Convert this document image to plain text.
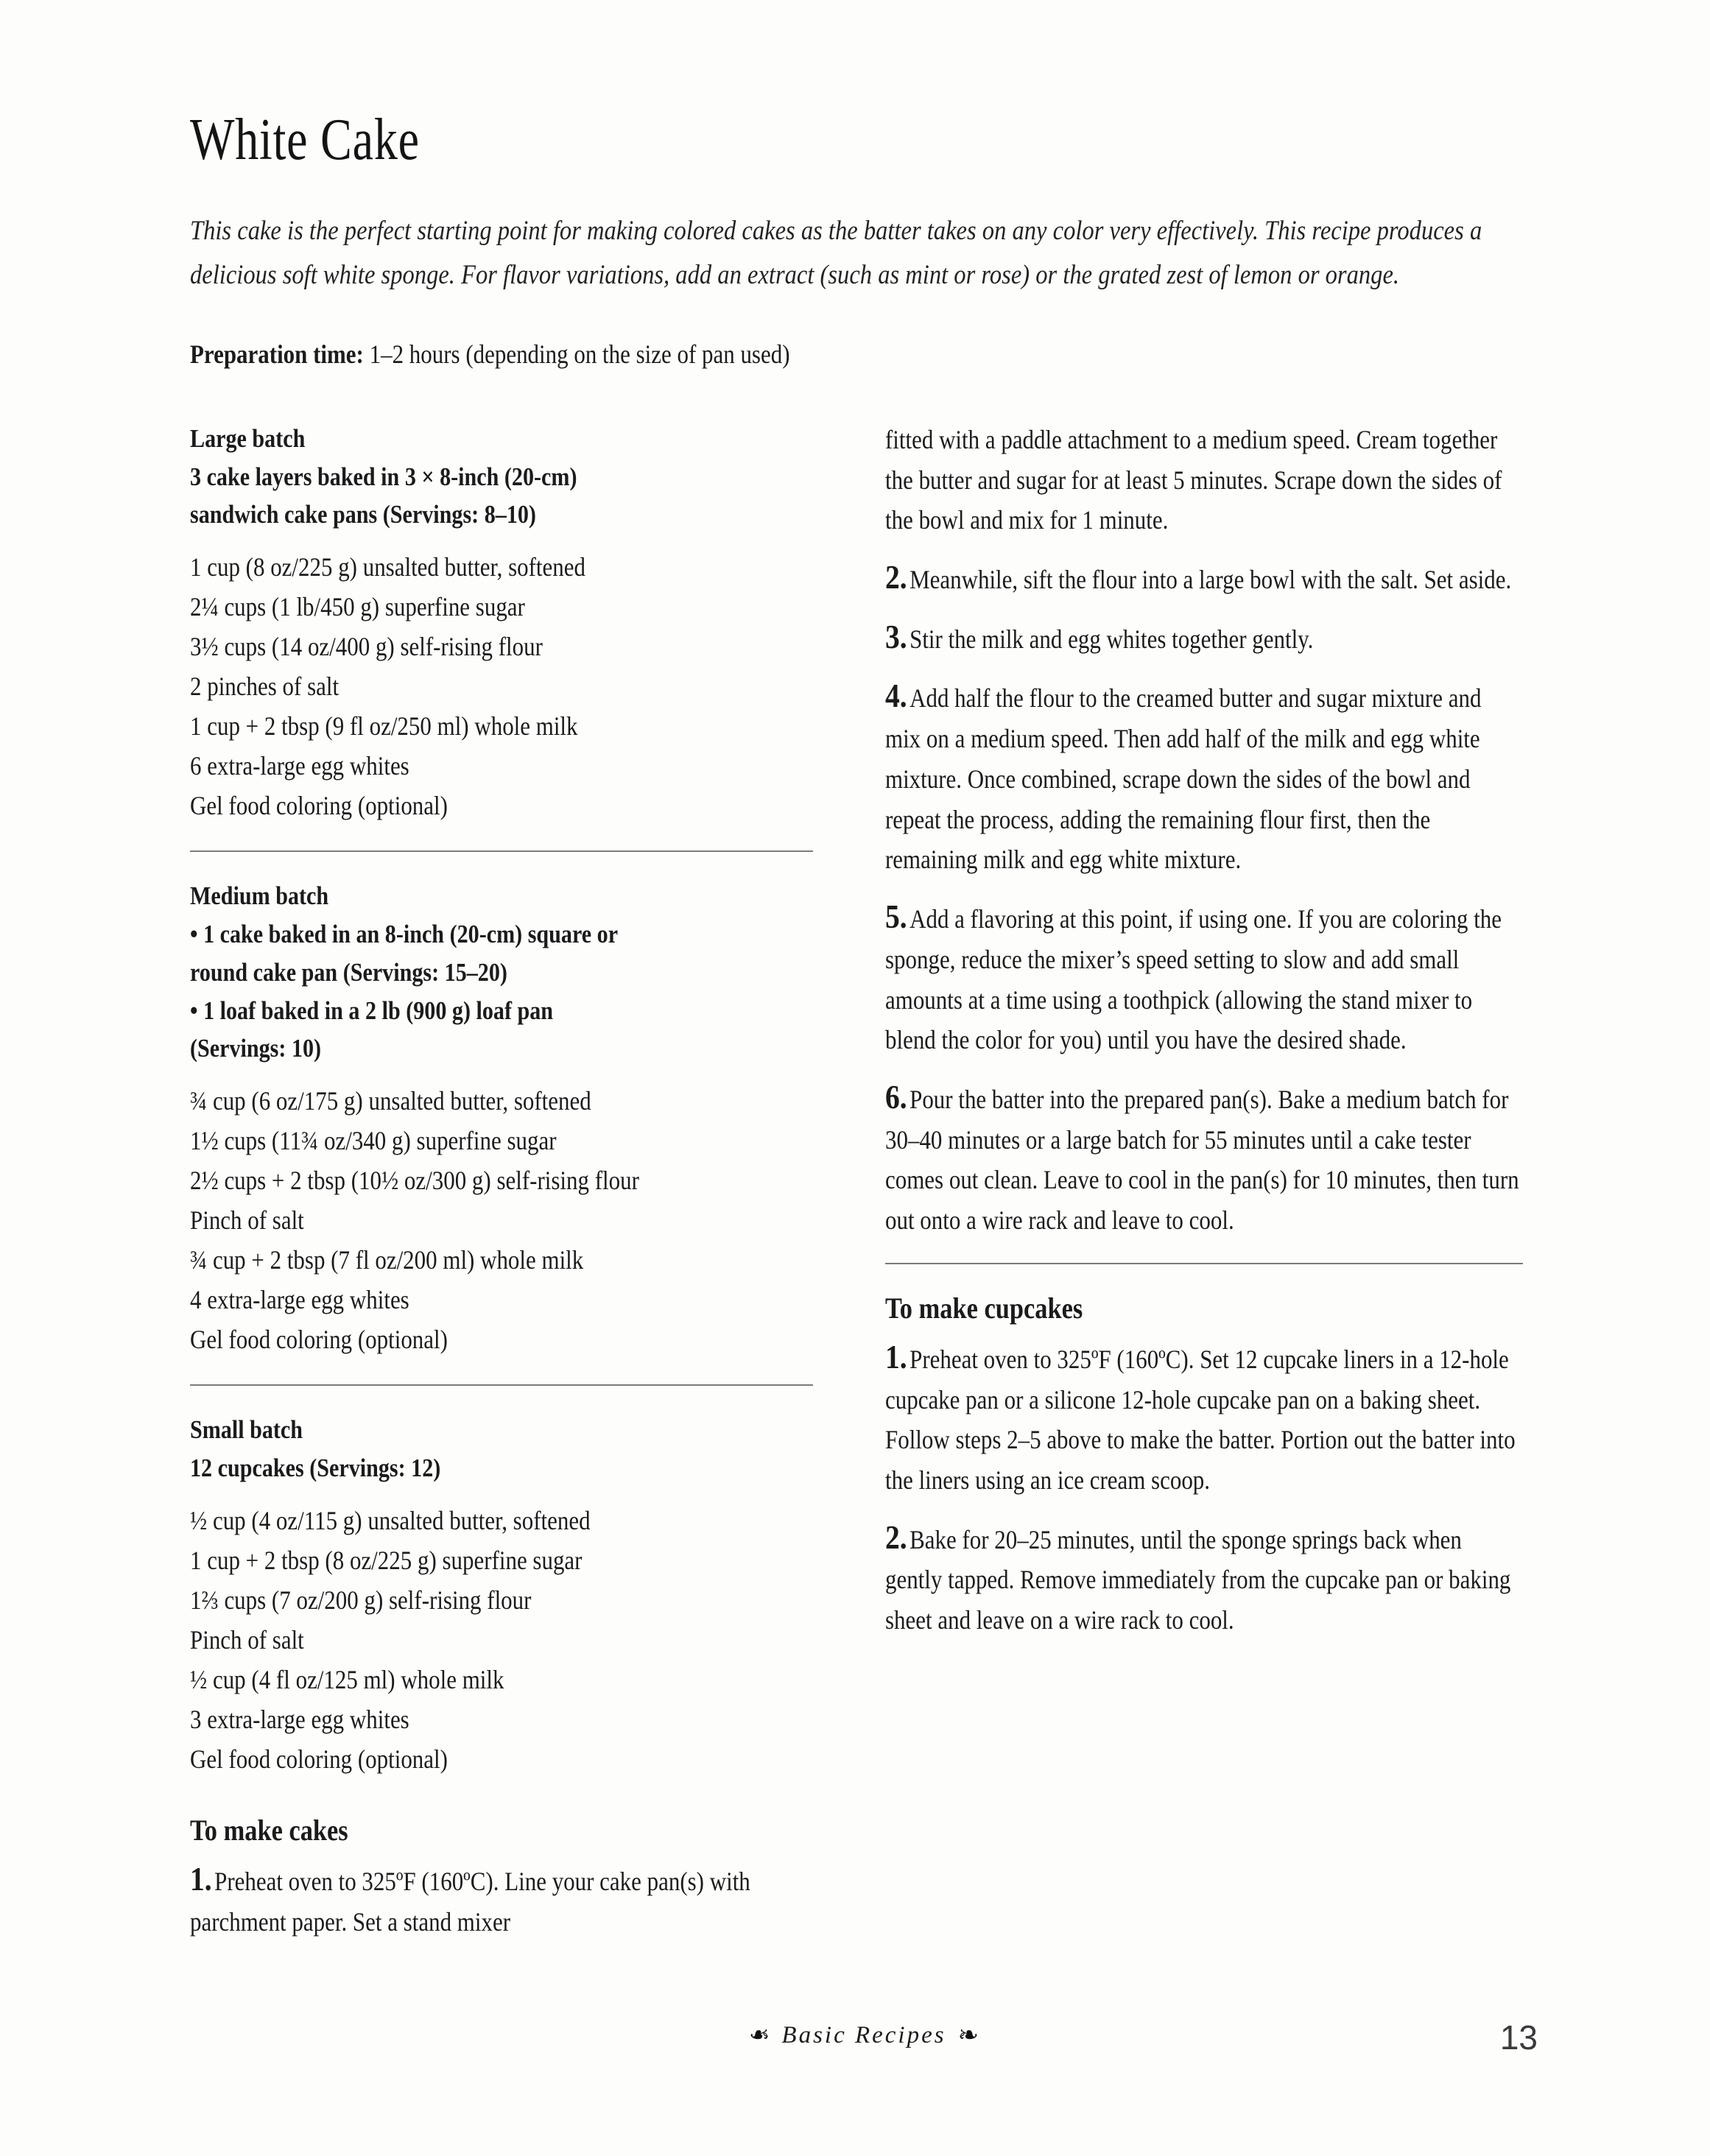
White Cake

This cake is the perfect starting point for making colored cakes as the batter takes on any color very effectively. This recipe produces a delicious soft white sponge. For flavor variations, add an extract (such as mint or rose) or the grated zest of lemon or orange.

Preparation time: 1–2 hours (depending on the size of pan used)

Large batch
3 cake layers baked in 3 × 8-inch (20-cm)
sandwich cake pans (Servings: 8–10)
1 cup (8 oz/225 g) unsalted butter, softened
2¼ cups (1 lb/450 g) superfine sugar
3½ cups (14 oz/400 g) self-rising flour
2 pinches of salt
1 cup + 2 tbsp (9 fl oz/250 ml) whole milk
6 extra-large egg whites
Gel food coloring (optional)
Medium batch
• 1 cake baked in an 8-inch (20-cm) square or
round cake pan (Servings: 15–20)
• 1 loaf baked in a 2 lb (900 g) loaf pan
(Servings: 10)
¾ cup (6 oz/175 g) unsalted butter, softened
1½ cups (11¾ oz/340 g) superfine sugar
2½ cups + 2 tbsp (10½ oz/300 g) self-rising flour
Pinch of salt
¾ cup + 2 tbsp (7 fl oz/200 ml) whole milk
4 extra-large egg whites
Gel food coloring (optional)
Small batch
12 cupcakes (Servings: 12)
½ cup (4 oz/115 g) unsalted butter, softened
1 cup + 2 tbsp (8 oz/225 g) superfine sugar
1⅔ cups (7 oz/200 g) self-rising flour
Pinch of salt
½ cup (4 fl oz/125 ml) whole milk
3 extra-large egg whites
Gel food coloring (optional)
To make cakes

1.Preheat oven to 325ºF (160ºC). Line your cake pan(s) with parchment paper. Set a stand mixer

fitted with a paddle attachment to a medium speed. Cream together the butter and sugar for at least 5 minutes. Scrape down the sides of the bowl and mix for 1 minute.

2.Meanwhile, sift the flour into a large bowl with the salt. Set aside.

3.Stir the milk and egg whites together gently.

4.Add half the flour to the creamed butter and sugar mixture and mix on a medium speed. Then add half of the milk and egg white mixture. Once combined, scrape down the sides of the bowl and repeat the process, adding the remaining flour first, then the remaining milk and egg white mixture.

5.Add a flavoring at this point, if using one. If you are coloring the sponge, reduce the mixer’s speed setting to slow and add small amounts at a time using a toothpick (allowing the stand mixer to blend the color for you) until you have the desired shade.

6.Pour the batter into the prepared pan(s). Bake a medium batch for 30–40 minutes or a large batch for 55 minutes until a cake tester comes out clean. Leave to cool in the pan(s) for 10 minutes, then turn out onto a wire rack and leave to cool.

To make cupcakes

1.Preheat oven to 325ºF (160ºC). Set 12 cupcake liners in a 12-hole cupcake pan or a silicone 12-hole cupcake pan on a baking sheet. Follow steps 2–5 above to make the batter. Portion out the batter into the liners using an ice cream scoop.

2.Bake for 20–25 minutes, until the sponge springs back when gently tapped. Remove immediately from the cupcake pan or baking sheet and leave on a wire rack to cool.

❧ Basic Recipes ❧	13
